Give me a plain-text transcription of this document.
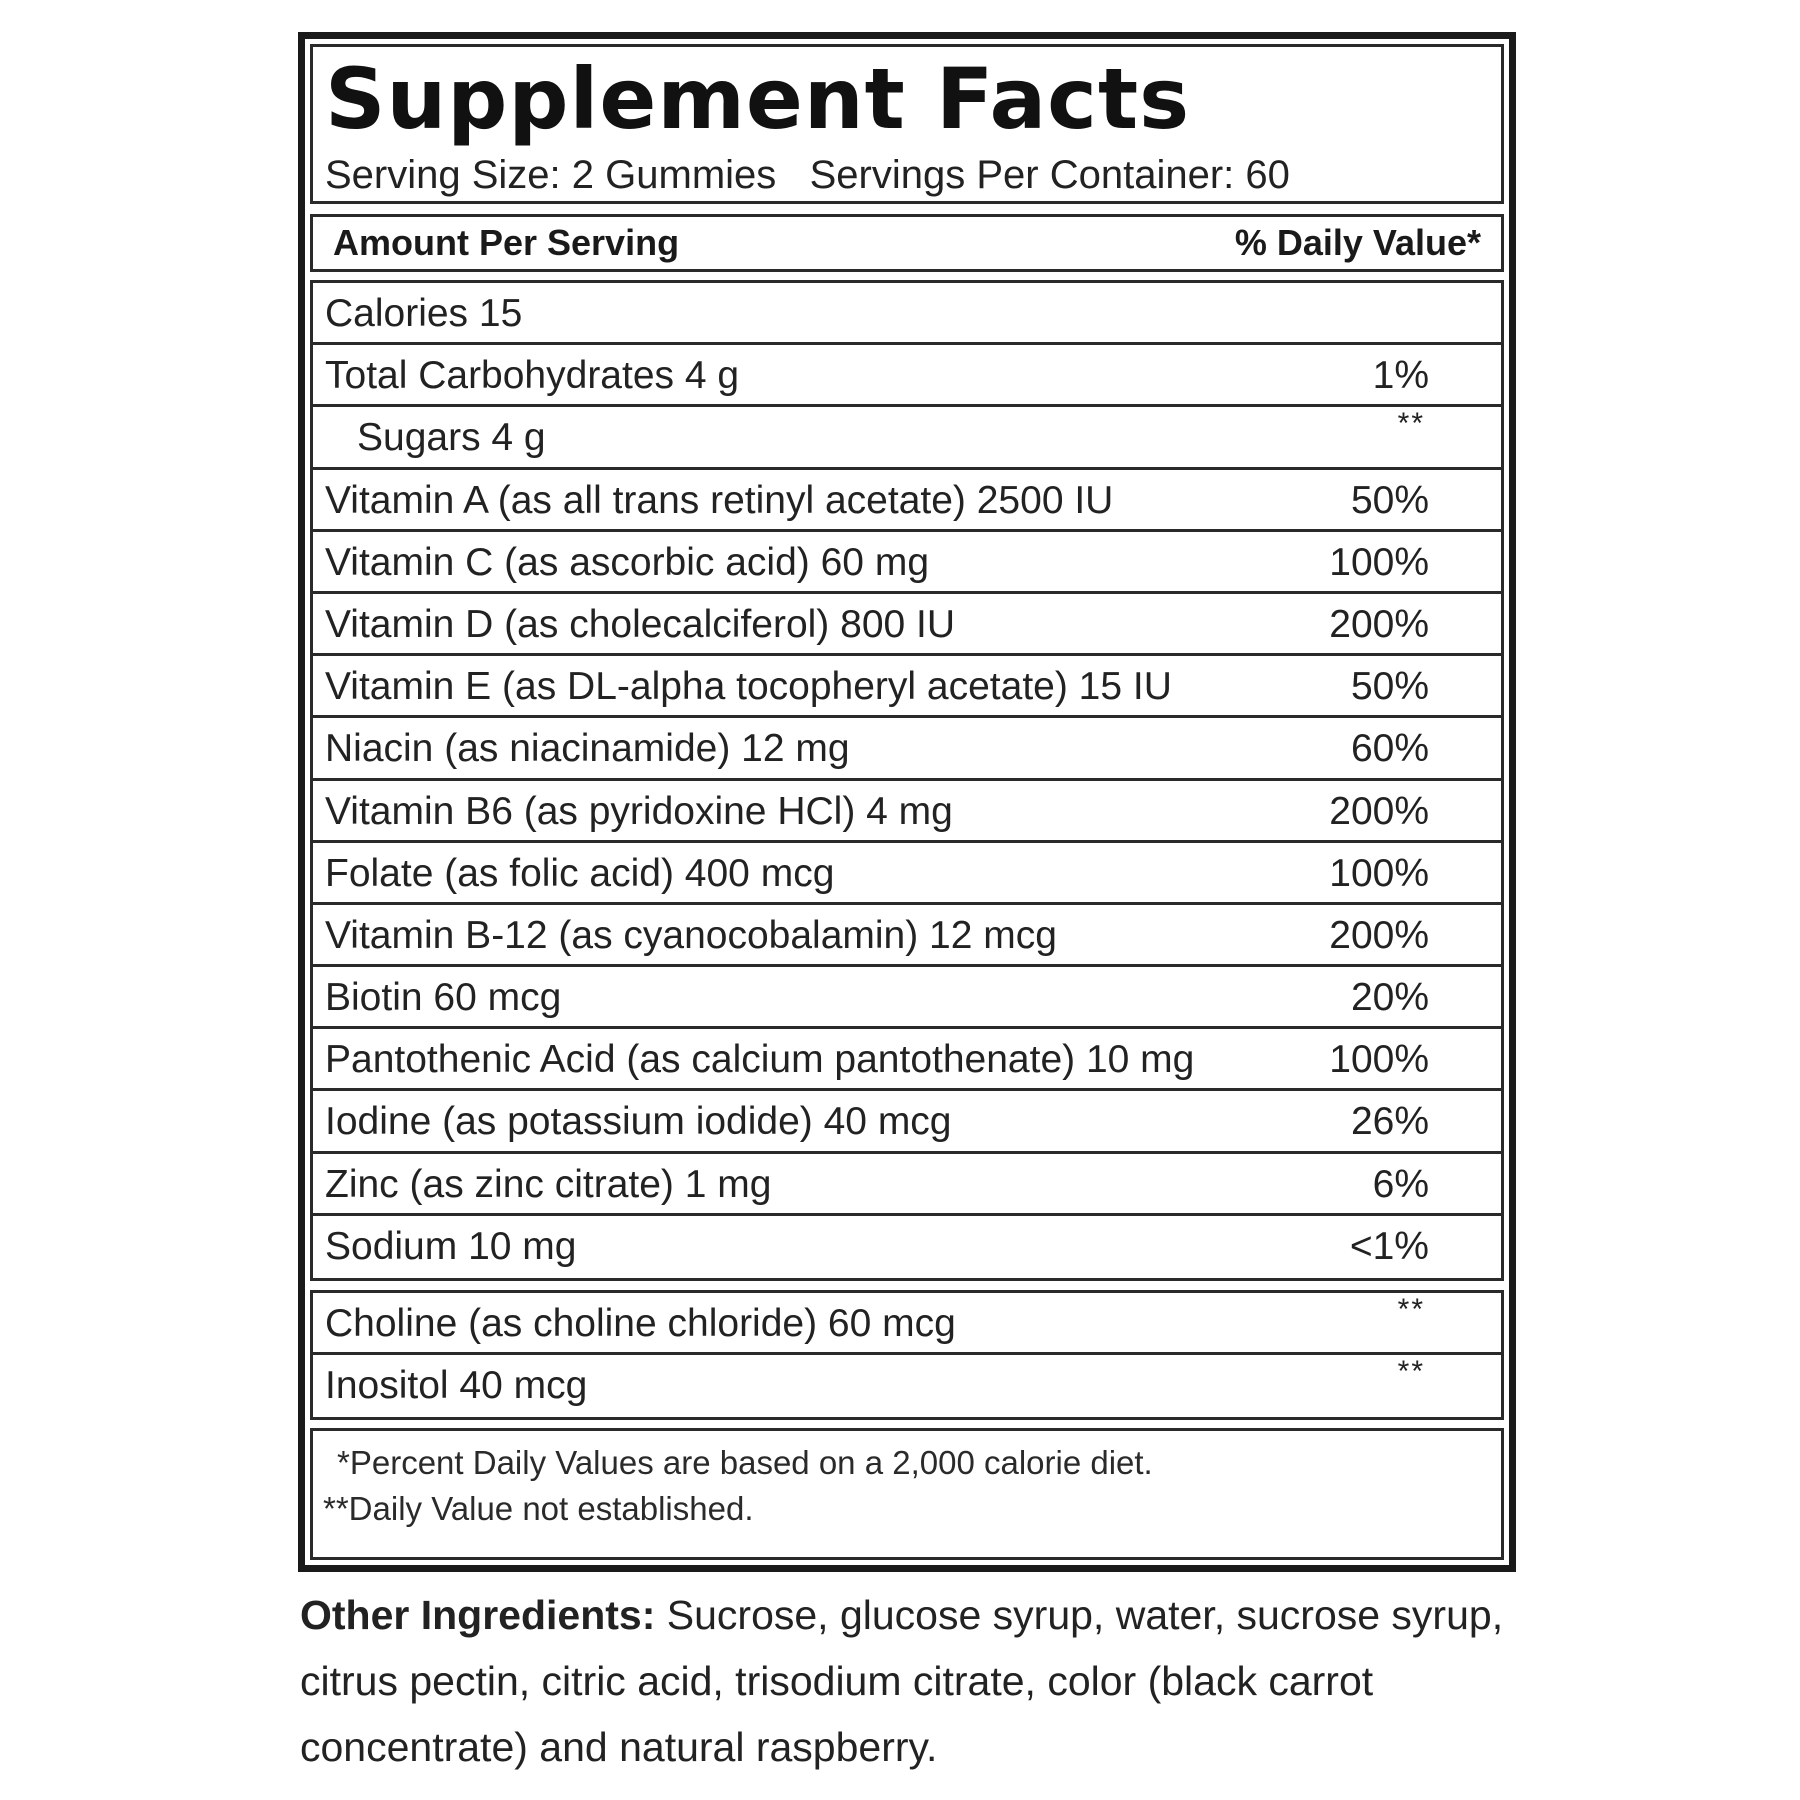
Supplement Facts
Serving Size: 2 Gummies Servings Per Container: 60
Amount Per Serving	% Daily Value*
Calories 15
Total Carbohydrates 4 g	1%
Sugars 4 g	**
Vitamin A (as all trans retinyl acetate) 2500 IU	50%
Vitamin C (as ascorbic acid) 60 mg	100%
Vitamin D (as cholecalciferol) 800 IU	200%
Vitamin E (as DL-alpha tocopheryl acetate) 15 IU	50%
Niacin (as niacinamide) 12 mg	60%
Vitamin B6 (as pyridoxine HCl) 4 mg	200%
Folate (as folic acid) 400 mcg	100%
Vitamin B-12 (as cyanocobalamin) 12 mcg	200%
Biotin 60 mcg	20%
Pantothenic Acid (as calcium pantothenate) 10 mg	100%
Iodine (as potassium iodide) 40 mcg	26%
Zinc (as zinc citrate) 1 mg	6%
Sodium 10 mg	<1%
Choline (as choline chloride) 60 mcg	**
Inositol 40 mcg	**
*Percent Daily Values are based on a 2,000 calorie diet.
**Daily Value not established.
Other Ingredients: Sucrose, glucose syrup, water, sucrose syrup, citrus pectin, citric acid, trisodium citrate, color (black carrot concentrate) and natural raspberry.
